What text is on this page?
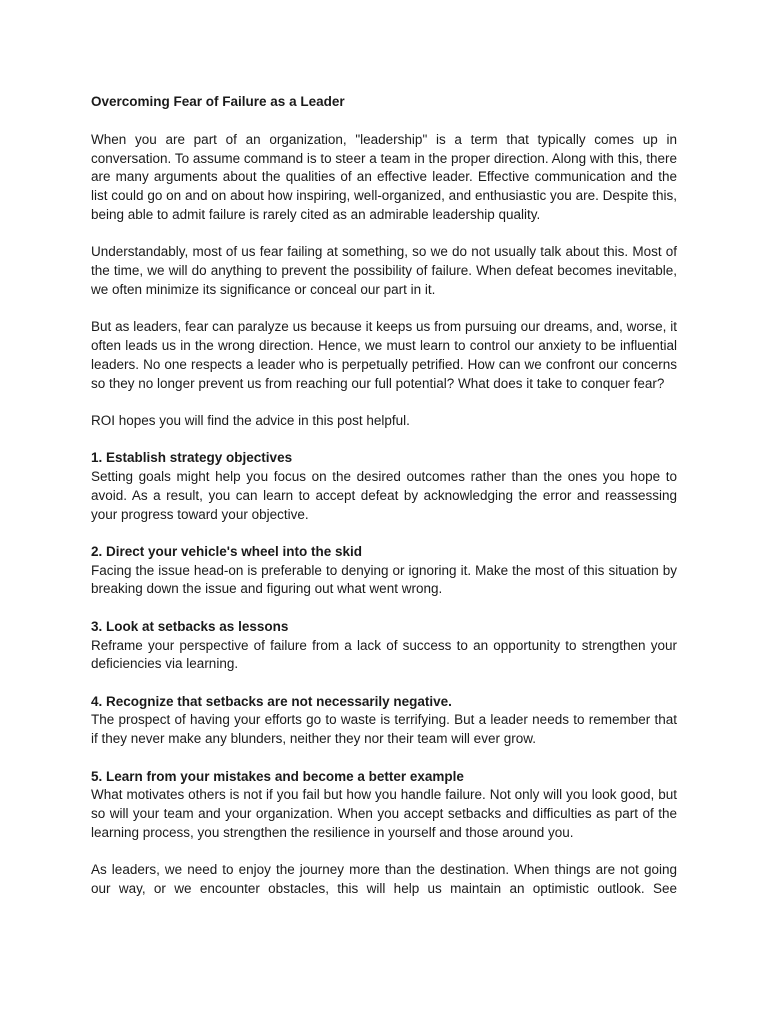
Overcoming Fear of Failure as a Leader

When you are part of an organization, "leadership" is a term that typically comes up in conversation. To assume command is to steer a team in the proper direction. Along with this, there are many arguments about the qualities of an effective leader. Effective communication and the list could go on and on about how inspiring, well-organized, and enthusiastic you are. Despite this, being able to admit failure is rarely cited as an admirable leadership quality.

Understandably, most of us fear failing at something, so we do not usually talk about this. Most of the time, we will do anything to prevent the possibility of failure. When defeat becomes inevitable, we often minimize its significance or conceal our part in it.

But as leaders, fear can paralyze us because it keeps us from pursuing our dreams, and, worse, it often leads us in the wrong direction. Hence, we must learn to control our anxiety to be influential leaders. No one respects a leader who is perpetually petrified. How can we confront our concerns so they no longer prevent us from reaching our full potential? What does it take to conquer fear?

ROI hopes you will find the advice in this post helpful.

1. Establish strategy objectives

Setting goals might help you focus on the desired outcomes rather than the ones you hope to avoid. As a result, you can learn to accept defeat by acknowledging the error and reassessing your progress toward your objective.

2. Direct your vehicle's wheel into the skid

Facing the issue head-on is preferable to denying or ignoring it. Make the most of this situation by breaking down the issue and figuring out what went wrong.

3. Look at setbacks as lessons

Reframe your perspective of failure from a lack of success to an opportunity to strengthen your deficiencies via learning.

4. Recognize that setbacks are not necessarily negative.

The prospect of having your efforts go to waste is terrifying. But a leader needs to remember that if they never make any blunders, neither they nor their team will ever grow.

5. Learn from your mistakes and become a better example

What motivates others is not if you fail but how you handle failure. Not only will you look good, but so will your team and your organization. When you accept setbacks and difficulties as part of the learning process, you strengthen the resilience in yourself and those around you.

As leaders, we need to enjoy the journey more than the destination. When things are not going our way, or we encounter obstacles, this will help us maintain an optimistic outlook. See
